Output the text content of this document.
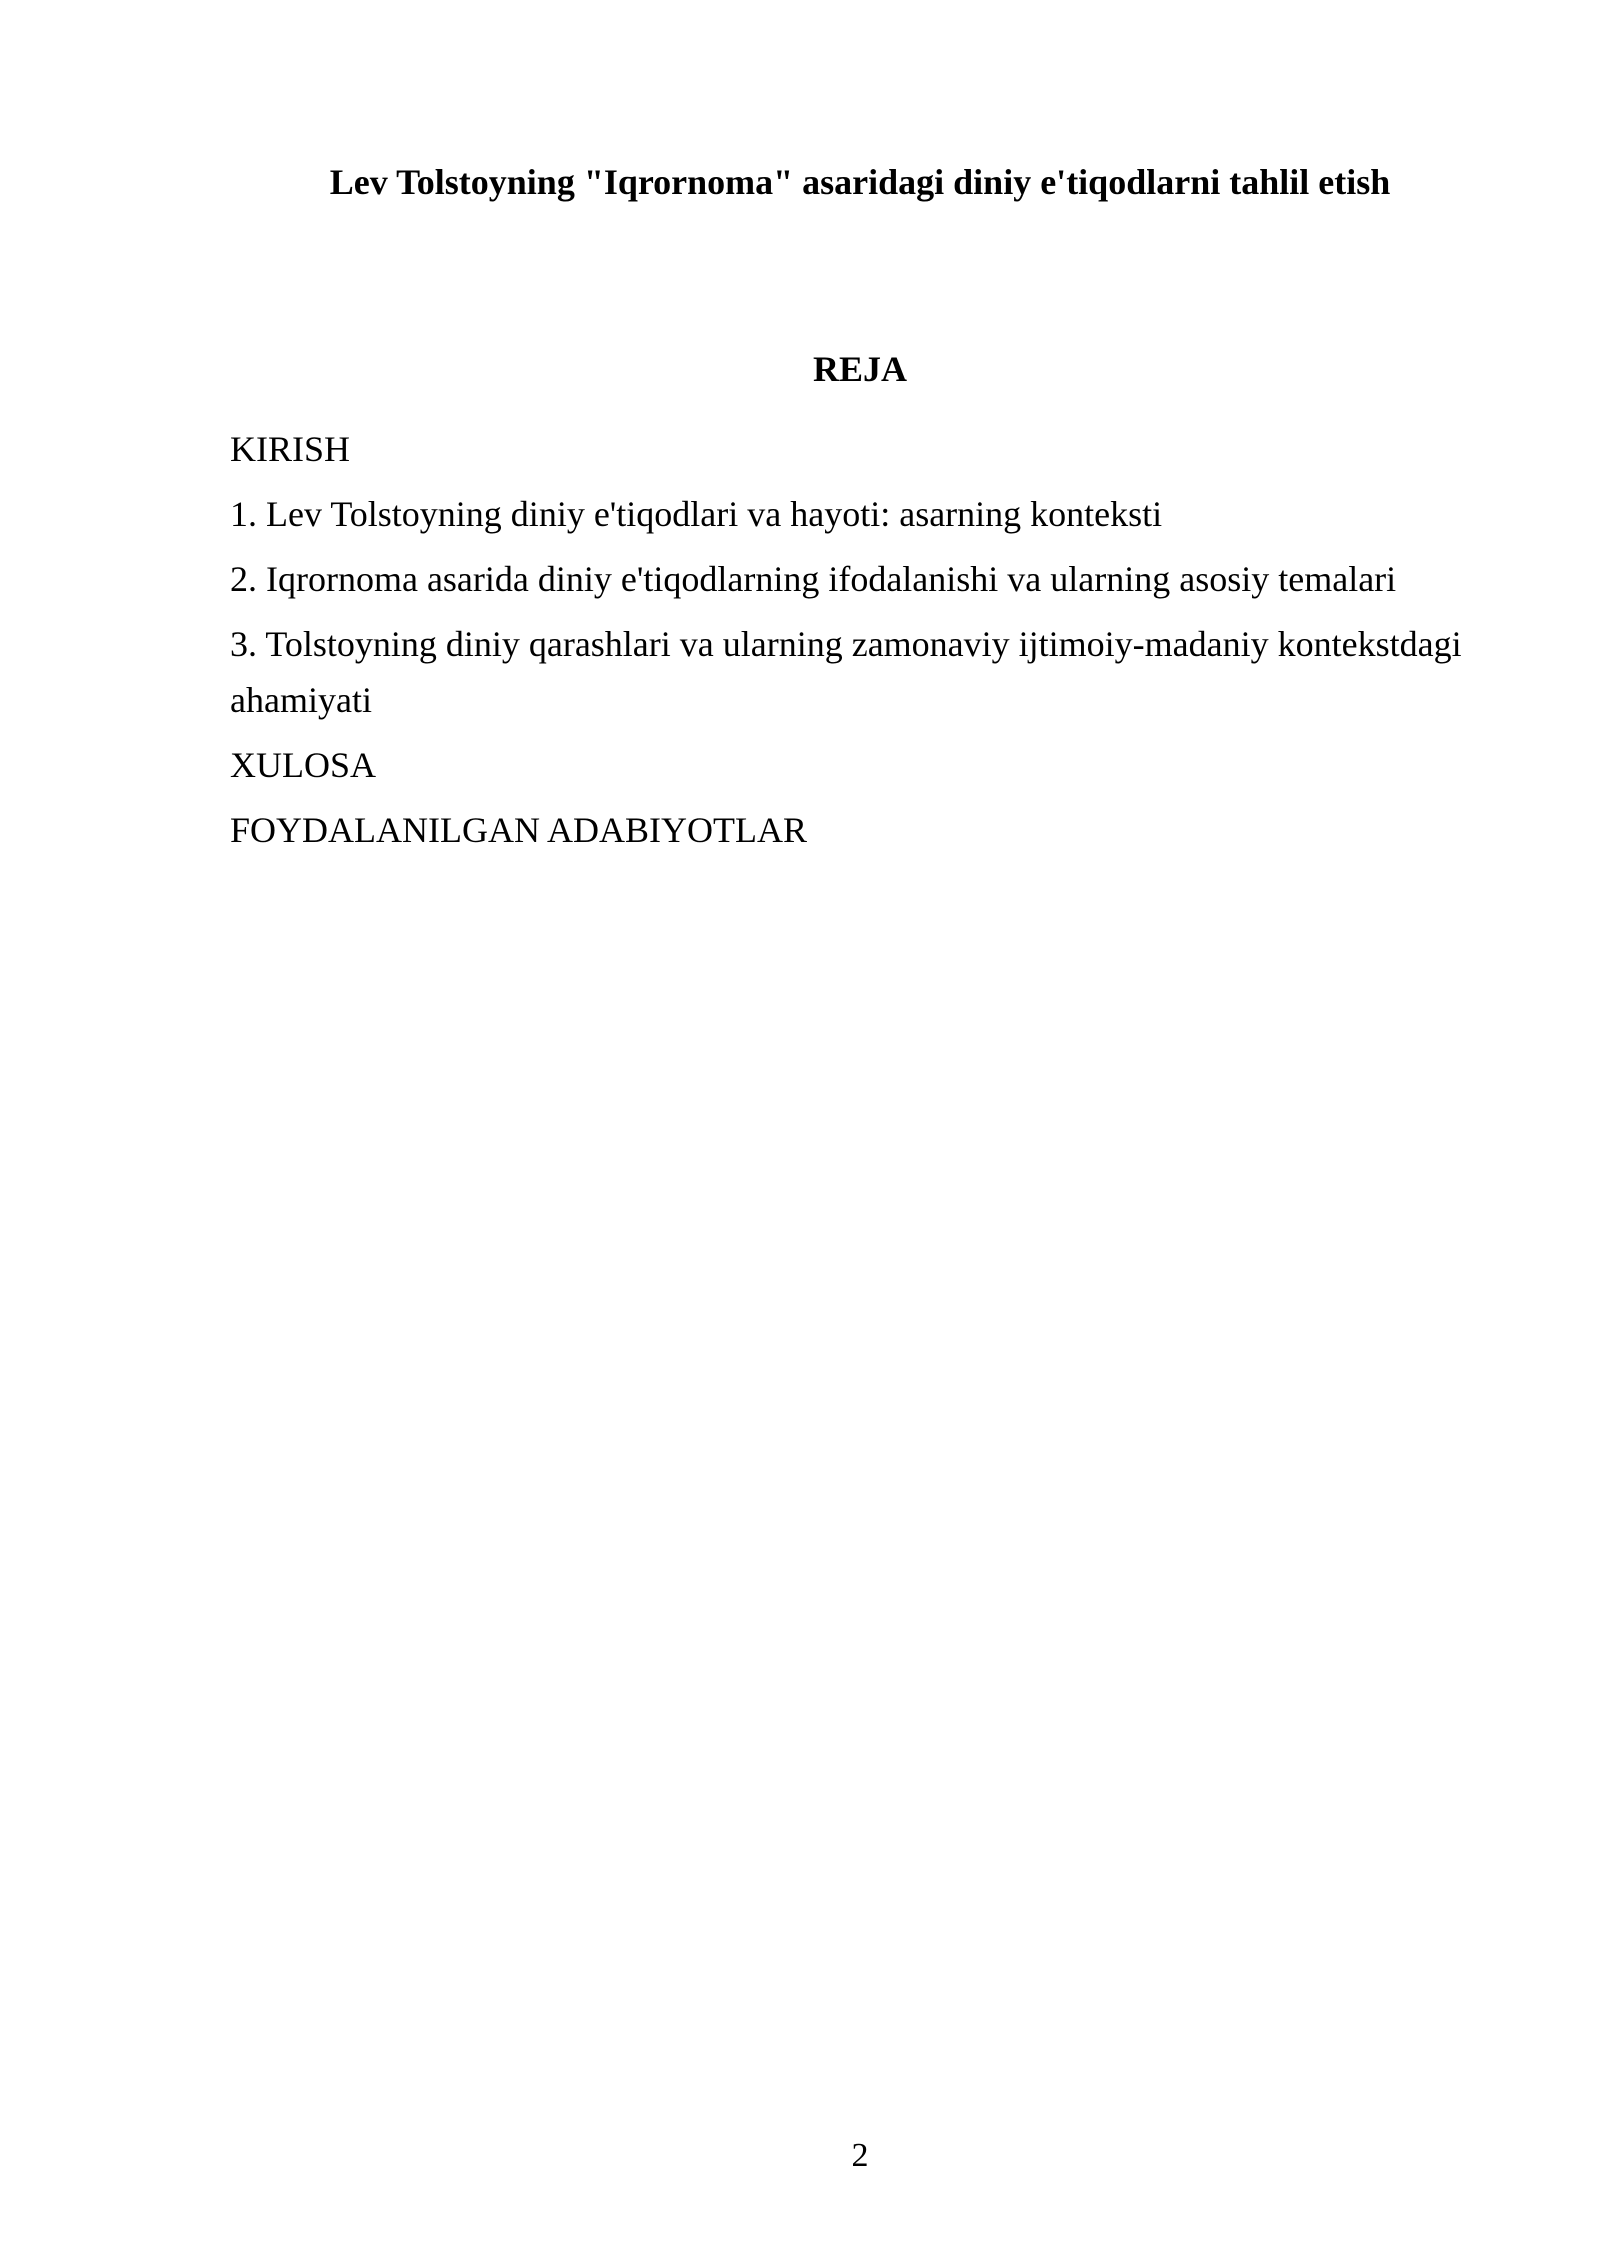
Lev Tolstoyning "Iqrornoma" asaridagi diniy e'tiqodlarni tahlil etish
REJA
KIRISH
1. Lev Tolstoyning diniy e'tiqodlari va hayoti: asarning konteksti
2. Iqrornoma asarida diniy e'tiqodlarning ifodalanishi va ularning asosiy temalari
3. Tolstoyning diniy qarashlari va ularning zamonaviy ijtimoiy-madaniy kontekstdagi ahamiyati
XULOSA
FOYDALANILGAN ADABIYOTLAR
2
